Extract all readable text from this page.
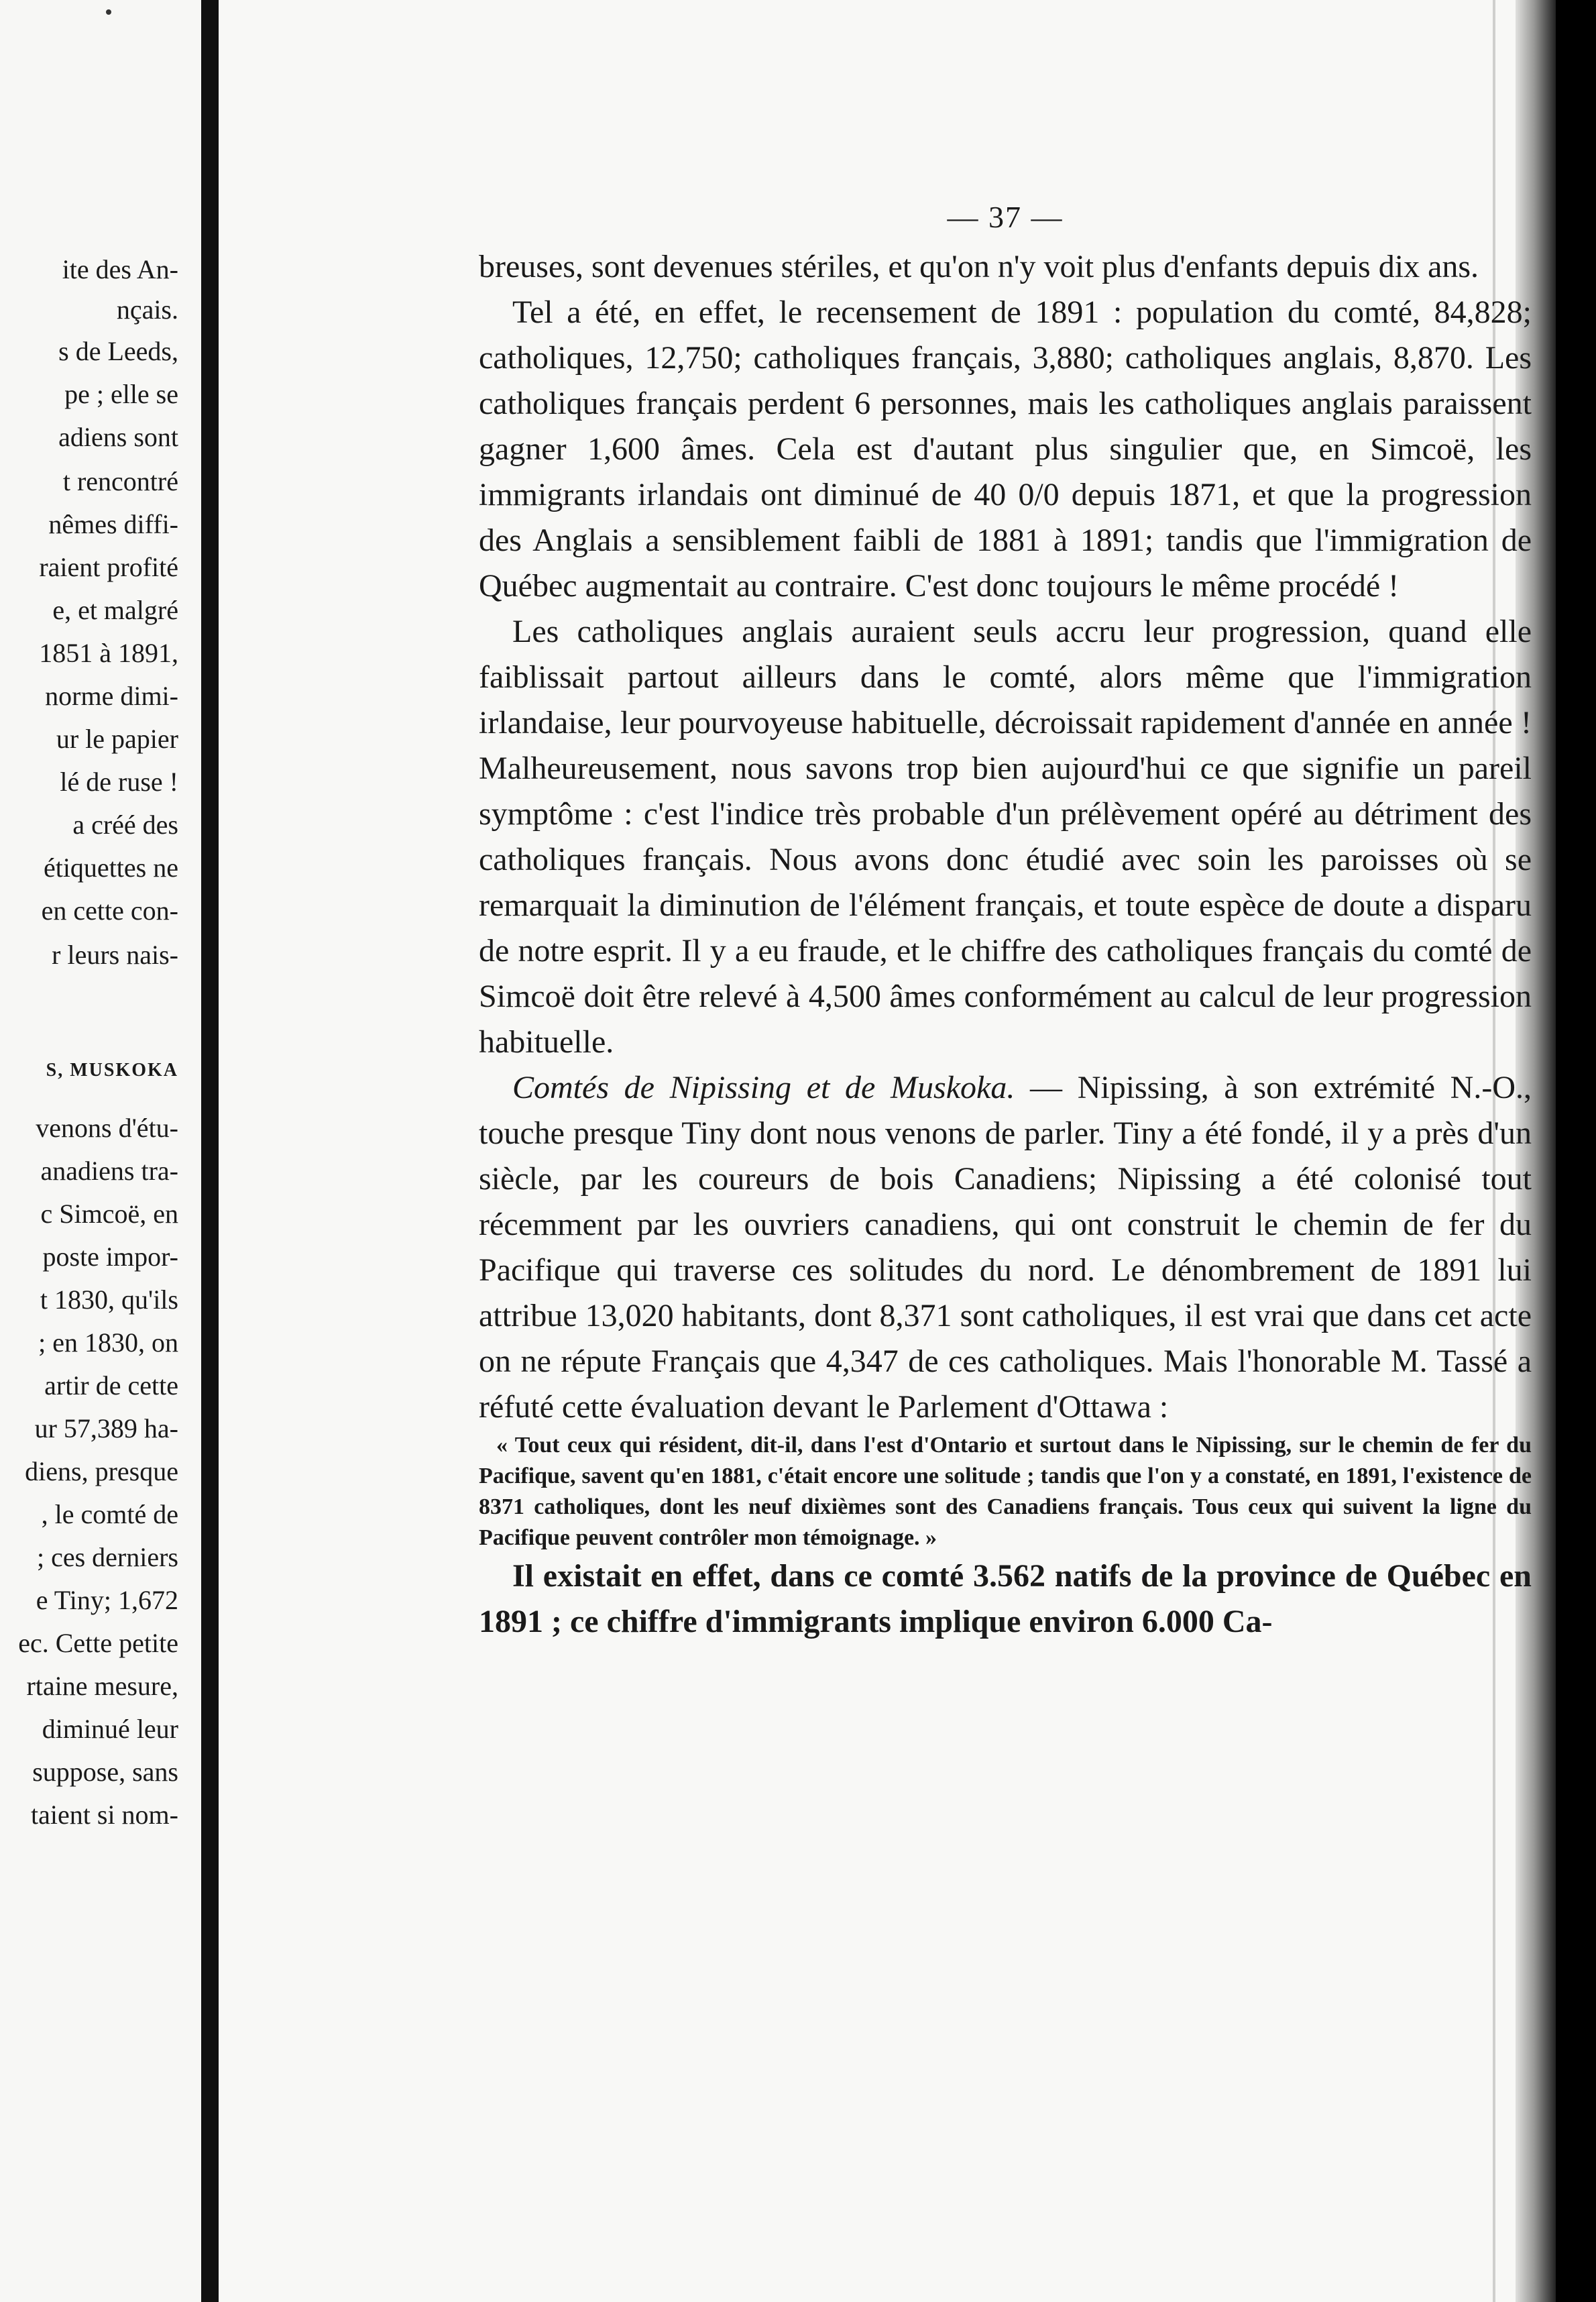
ite des An-
nçais.
s de Leeds,
pe ; elle se
adiens sont
t rencontré
nêmes diffi-
raient profité
e, et malgré
1851 à 1891,
norme dimi-
ur le papier
lé de ruse !
a créé des
étiquettes ne
en cette con-
r leurs nais-
S, MUSKOKA
venons d'étu-
anadiens tra-
c Simcoë, en
poste impor-
t 1830, qu'ils
; en 1830, on
artir de cette
ur 57,389 ha-
diens, presque
, le comté de
; ces derniers
e Tiny; 1,672
ec. Cette petite
rtaine mesure,
diminué leur
suppose, sans
taient si nom-
— 37 —

breuses, sont devenues stériles, et qu'on n'y voit plus d'enfants depuis dix ans.

Tel a été, en effet, le recensement de 1891 : population du comté, 84,828; catholiques, 12,750; catholiques français, 3,880; catholiques anglais, 8,870. Les catholiques français perdent 6 personnes, mais les catholiques anglais paraissent gagner 1,600 âmes. Cela est d'autant plus singulier que, en Simcoë, les immigrants irlandais ont diminué de 40 0/0 depuis 1871, et que la progression des Anglais a sensiblement faibli de 1881 à 1891; tandis que l'immigration de Québec augmentait au contraire. C'est donc toujours le même procédé !

Les catholiques anglais auraient seuls accru leur progression, quand elle faiblissait partout ailleurs dans le comté, alors même que l'immigration irlandaise, leur pourvoyeuse habituelle, décroissait rapidement d'année en année ! Malheureusement, nous savons trop bien aujourd'hui ce que signifie un pareil symptôme : c'est l'indice très probable d'un prélèvement opéré au détriment des catholiques français. Nous avons donc étudié avec soin les paroisses où se remarquait la diminution de l'élément français, et toute espèce de doute a disparu de notre esprit. Il y a eu fraude, et le chiffre des catholiques français du comté de Simcoë doit être relevé à 4,500 âmes conformément au calcul de leur progression habituelle.

Comtés de Nipissing et de Muskoka. — Nipissing, à son extrémité N.-O., touche presque Tiny dont nous venons de parler. Tiny a été fondé, il y a près d'un siècle, par les coureurs de bois Canadiens; Nipissing a été colonisé tout récemment par les ouvriers canadiens, qui ont construit le chemin de fer du Pacifique qui traverse ces solitudes du nord. Le dénombrement de 1891 lui attribue 13,020 habitants, dont 8,371 sont catholiques, il est vrai que dans cet acte on ne répute Français que 4,347 de ces catholiques. Mais l'honorable M. Tassé a réfuté cette évaluation devant le Parlement d'Ottawa :

« Tout ceux qui résident, dit-il, dans l'est d'Ontario et surtout dans le Nipissing, sur le chemin de fer du Pacifique, savent qu'en 1881, c'était encore une solitude ; tandis que l'on y a constaté, en 1891, l'existence de 8371 catholiques, dont les neuf dixièmes sont des Canadiens français. Tous ceux qui suivent la ligne du Pacifique peuvent contrôler mon témoignage. »

Il existait en effet, dans ce comté 3.562 natifs de la province de Québec en 1891 ; ce chiffre d'immigrants implique environ 6.000 Ca-
